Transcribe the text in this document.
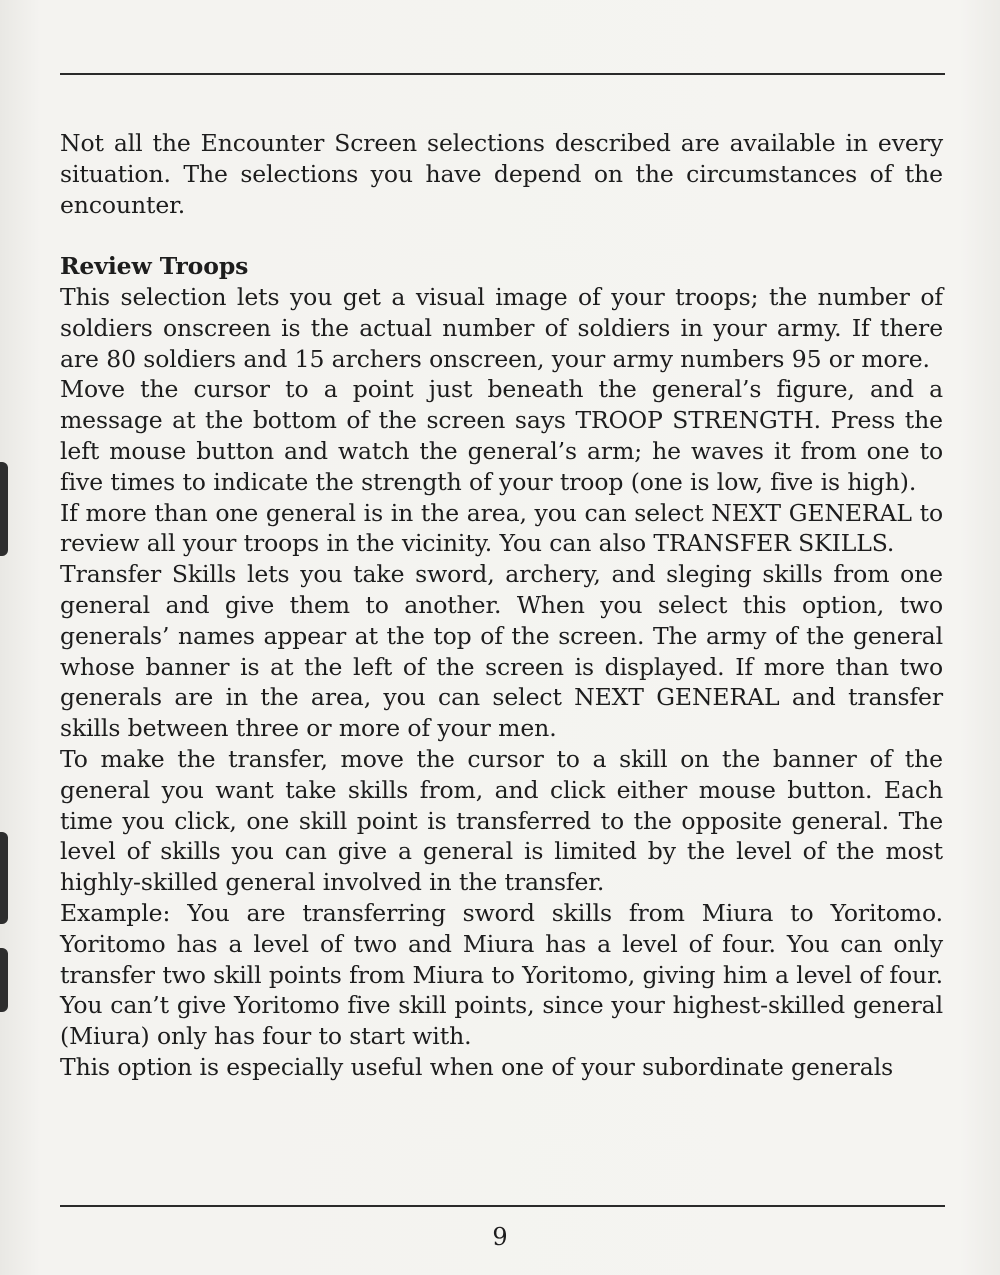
Not all the Encounter Screen selections described are available in every situation. The selections you have depend on the circumstances of the encounter.

Review Troops

This selection lets you get a visual image of your troops; the number of soldiers onscreen is the actual number of soldiers in your army. If there are 80 soldiers and 15 archers onscreen, your army numbers 95 or more.

Move the cursor to a point just beneath the general’s figure, and a message at the bottom of the screen says TROOP STRENGTH. Press the left mouse button and watch the general’s arm; he waves it from one to five times to indicate the strength of your troop (one is low, five is high).

If more than one general is in the area, you can select NEXT GENERAL to review all your troops in the vicinity. You can also TRANSFER SKILLS.

Transfer Skills lets you take sword, archery, and sleging skills from one general and give them to another. When you select this option, two generals’ names appear at the top of the screen. The army of the general whose banner is at the left of the screen is displayed. If more than two generals are in the area, you can select NEXT GENERAL and transfer skills between three or more of your men.

To make the transfer, move the cursor to a skill on the banner of the general you want take skills from, and click either mouse button. Each time you click, one skill point is transferred to the opposite general. The level of skills you can give a general is limited by the level of the most highly-skilled general involved in the transfer.

Example: You are transferring sword skills from Miura to Yoritomo. Yoritomo has a level of two and Miura has a level of four. You can only transfer two skill points from Miura to Yoritomo, giving him a level of four. You can’t give Yoritomo five skill points, since your highest-skilled general (Miura) only has four to start with.

This option is especially useful when one of your subordinate generals

9
